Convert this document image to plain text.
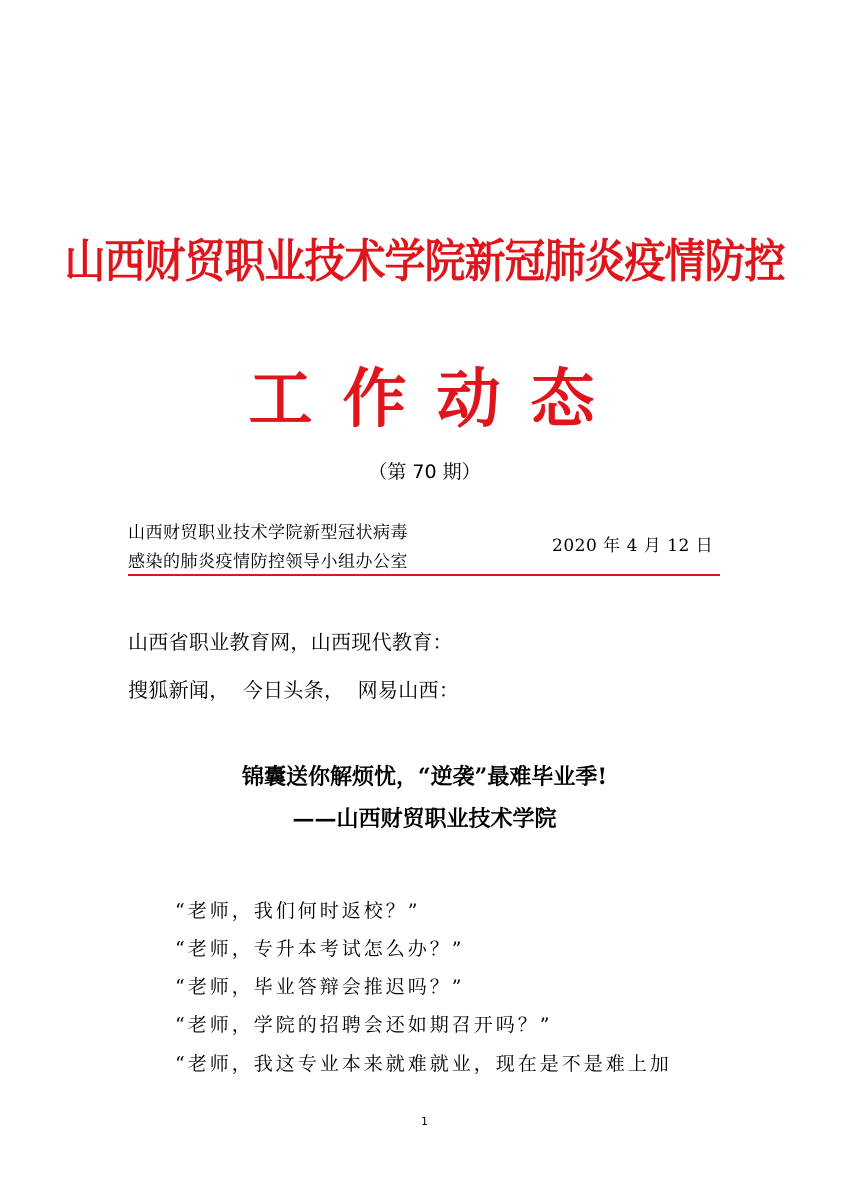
山西财贸职业技术学院新冠肺炎疫情防控
工作动态
（第 70 期）
山西财贸职业技术学院新型冠状病毒
感染的肺炎疫情防控领导小组办公室
2020 年 4 月 12 日
山西省职业教育网，山西现代教育：
搜狐新闻，  今日头条，  网易山西：
锦囊送你解烦忧，“逆袭”最难毕业季!
——山西财贸职业技术学院
“老师，我们何时返校？”
“老师，专升本考试怎么办？”
“老师，毕业答辩会推迟吗？”
“老师，学院的招聘会还如期召开吗？”
“老师，我这专业本来就难就业，现在是不是难上加
1
